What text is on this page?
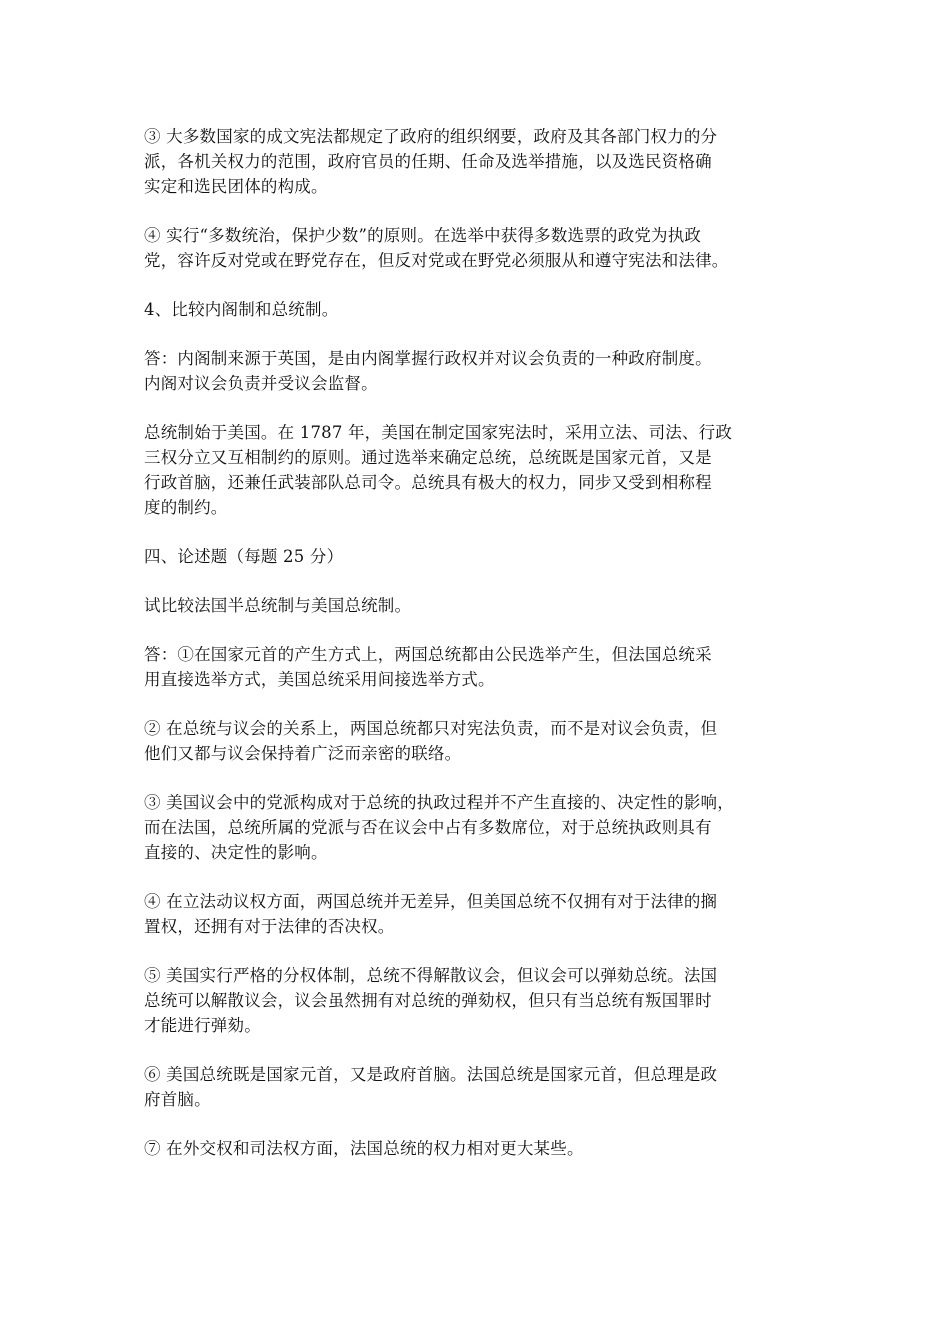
③ 大多数国家的成文宪法都规定了政府的组织纲要，政府及其各部门权力的分
派，各机关权力的范围，政府官员的任期、任命及选举措施，以及选民资格确
实定和选民团体的构成。

④ 实行“多数统治，保护少数”的原则。在选举中获得多数选票的政党为执政
党，容许反对党或在野党存在，但反对党或在野党必须服从和遵守宪法和法律。

4、比较内阁制和总统制。

答：内阁制来源于英国，是由内阁掌握行政权并对议会负责的一种政府制度。
内阁对议会负责并受议会监督。

总统制始于美国。在 1787 年，美国在制定国家宪法时，采用立法、司法、行政
三权分立又互相制约的原则。通过选举来确定总统，总统既是国家元首，又是
行政首脑，还兼任武装部队总司令。总统具有极大的权力，同步又受到相称程
度的制约。

四、论述题（每题 25 分）

试比较法国半总统制与美国总统制。

答：①在国家元首的产生方式上，两国总统都由公民选举产生，但法国总统采
用直接选举方式，美国总统采用间接选举方式。

② 在总统与议会的关系上，两国总统都只对宪法负责，而不是对议会负责，但
他们又都与议会保持着广泛而亲密的联络。

③ 美国议会中的党派构成对于总统的执政过程并不产生直接的、决定性的影响，
而在法国，总统所属的党派与否在议会中占有多数席位，对于总统执政则具有
直接的、决定性的影响。

④ 在立法动议权方面，两国总统并无差异，但美国总统不仅拥有对于法律的搁
置权，还拥有对于法律的否决权。

⑤ 美国实行严格的分权体制，总统不得解散议会，但议会可以弹劾总统。法国
总统可以解散议会，议会虽然拥有对总统的弹劾权，但只有当总统有叛国罪时
才能进行弹劾。

⑥ 美国总统既是国家元首，又是政府首脑。法国总统是国家元首，但总理是政
府首脑。

⑦ 在外交权和司法权方面，法国总统的权力相对更大某些。
